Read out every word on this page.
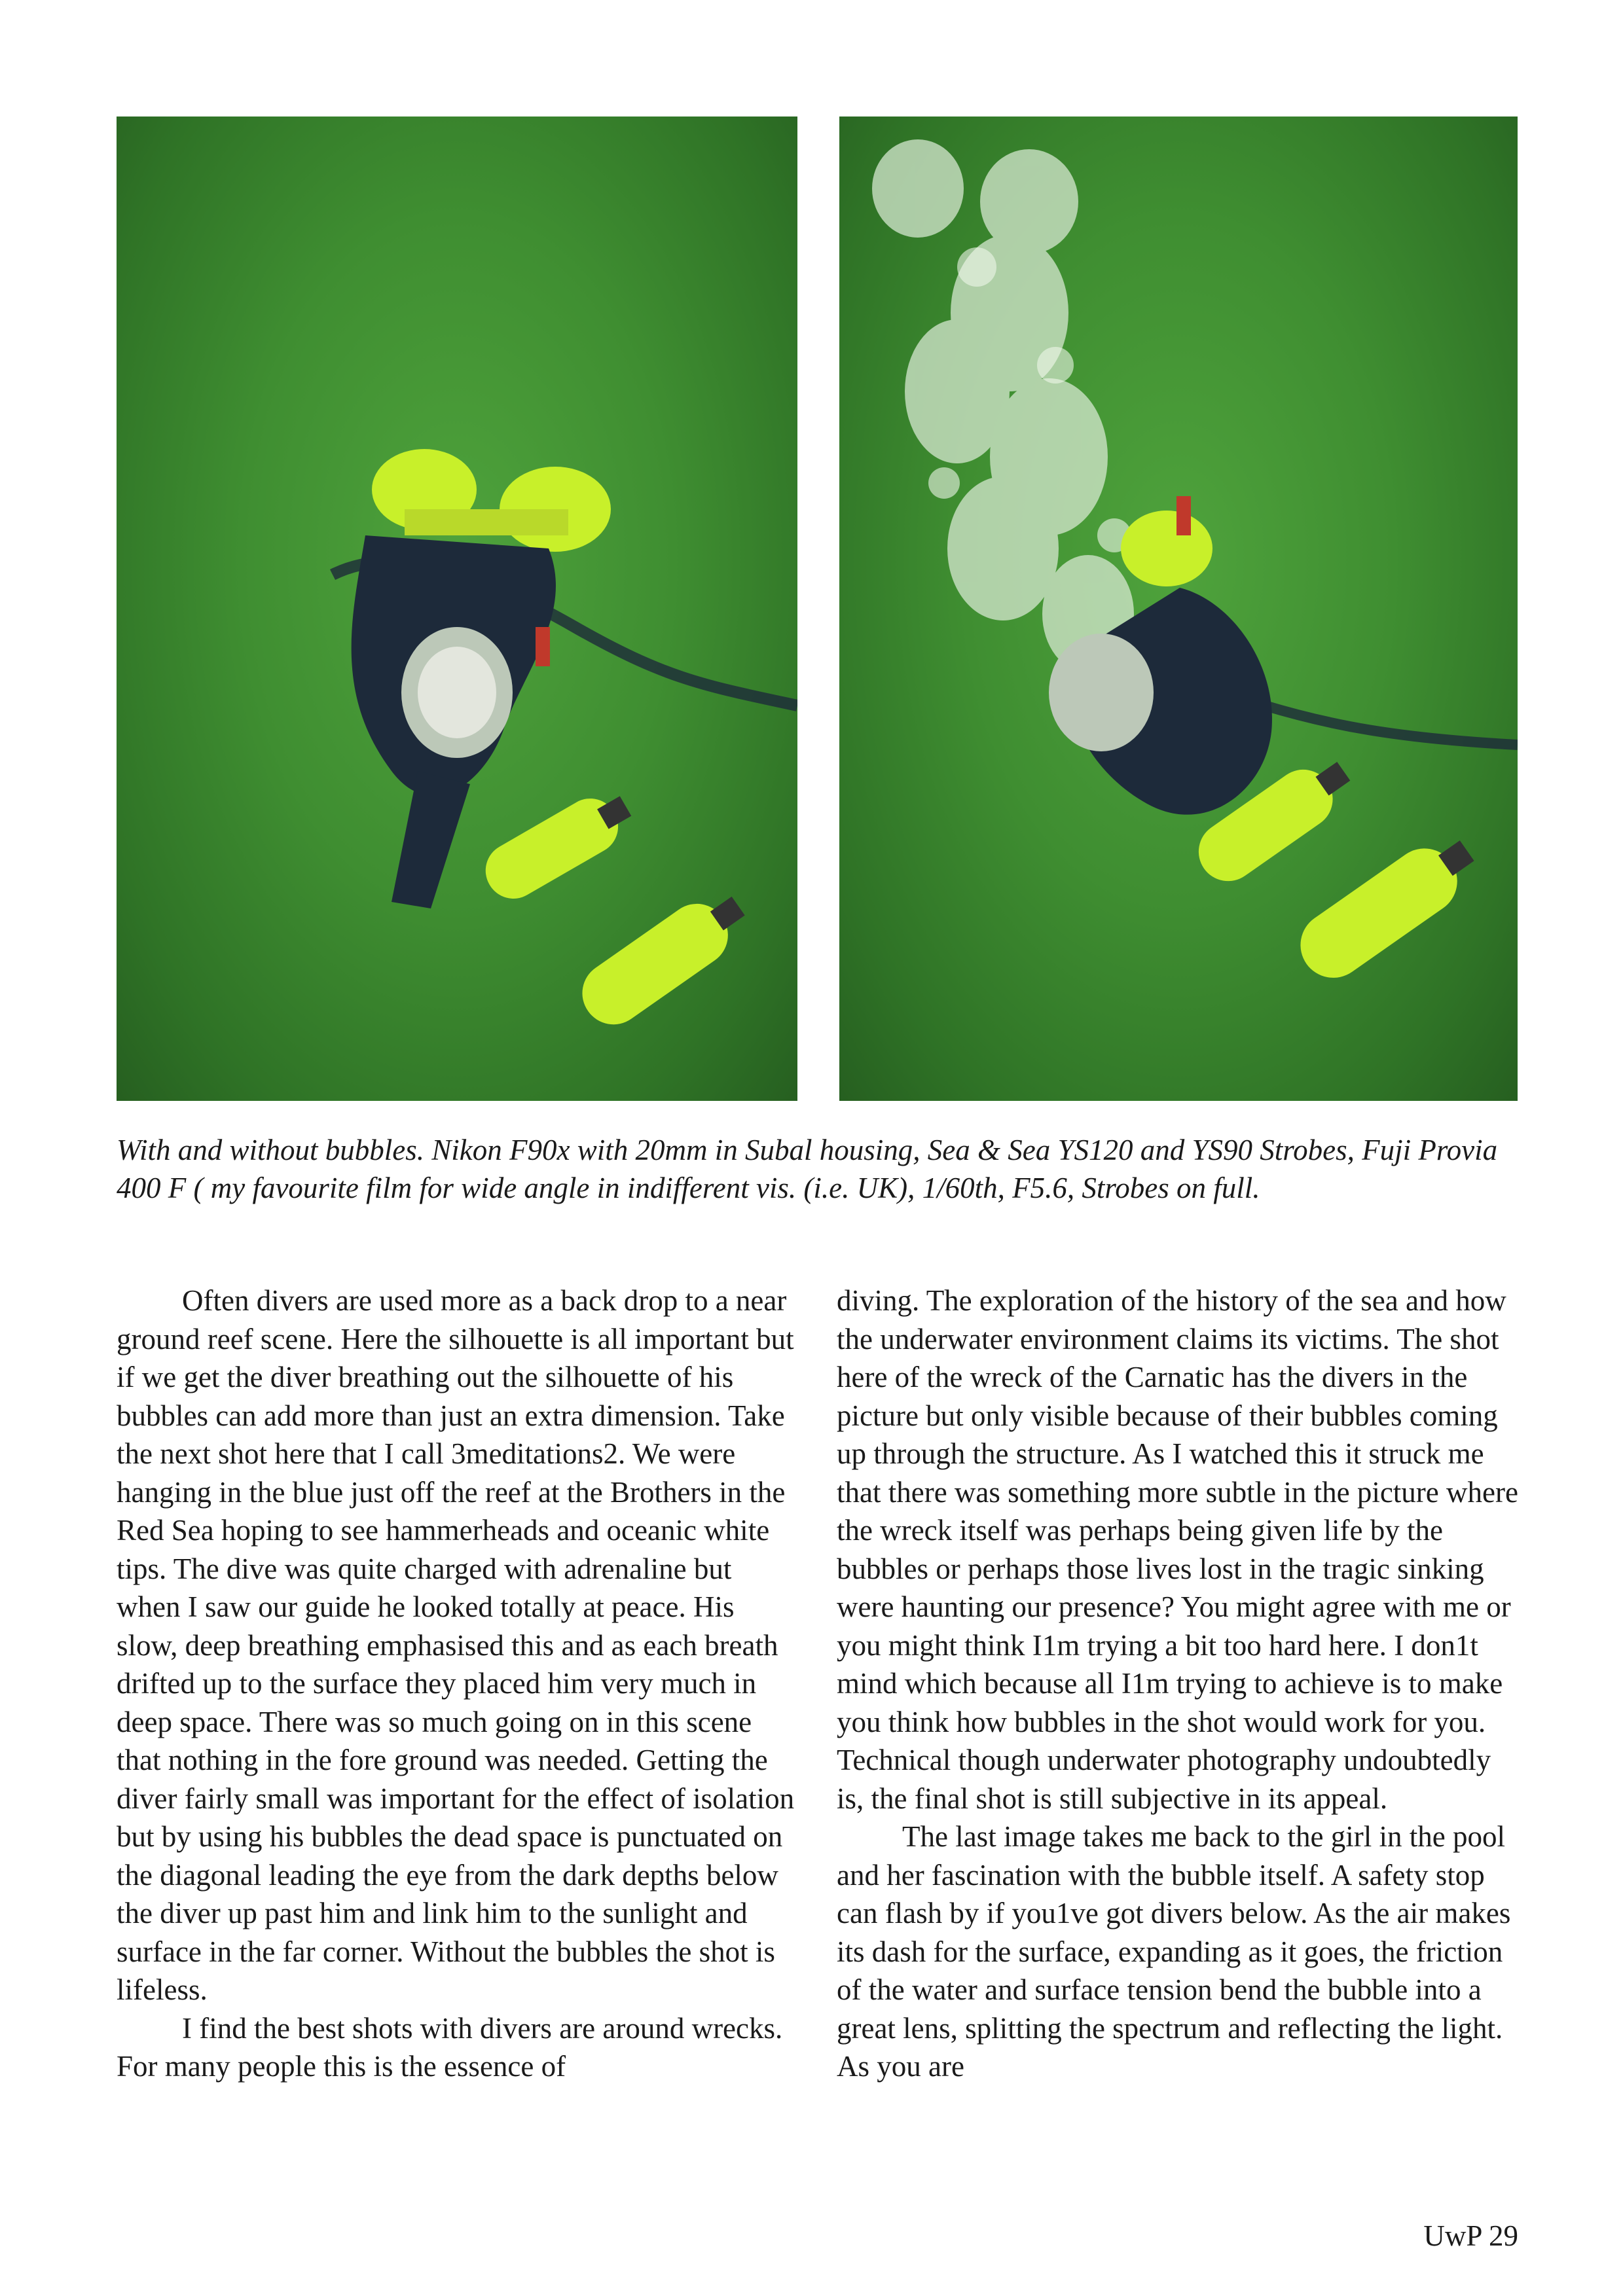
With and without bubbles. Nikon F90x with 20mm in Subal housing, Sea & Sea YS120 and YS90 Strobes, Fuji Provia 400 F ( my favourite film for wide angle in indifferent vis. (i.e. UK), 1/60th, F5.6, Strobes on full.

Often divers are used more as a back drop to a near ground reef scene. Here the silhouette is all important but if we get the diver breathing out the silhouette of his bubbles can add more than just an extra dimension. Take the next shot here that I call 3meditations2. We were hanging in the blue just off the reef at the Brothers in the Red Sea hoping to see hammerheads and oceanic white tips. The dive was quite charged with adrenaline but when I saw our guide he looked totally at peace. His slow, deep breathing emphasised this and as each breath drifted up to the surface they placed him very much in deep space. There was so much going on in this scene that nothing in the fore ground was needed. Getting the diver fairly small was important for the effect of isolation but by using his bubbles the dead space is punctuated on the diagonal leading the eye from the dark depths below the diver up past him and link him to the sunlight and surface in the far corner. Without the bubbles the shot is lifeless.

I find the best shots with divers are around wrecks. For many people this is the essence of

diving. The exploration of the history of the sea and how the underwater environment claims its victims. The shot here of the wreck of the Carnatic has the divers in the picture but only visible because of their bubbles coming up through the structure. As I watched this it struck me that there was something more subtle in the picture where the wreck itself was perhaps being given life by the bubbles or perhaps those lives lost in the tragic sinking were haunting our presence? You might agree with me or you might think I1m trying a bit too hard here. I don1t mind which because all I1m trying to achieve is to make you think how bubbles in the shot would work for you. Technical though underwater photography undoubtedly is, the final shot is still subjective in its appeal.

The last image takes me back to the girl in the pool and her fascination with the bubble itself. A safety stop can flash by if you1ve got divers below. As the air makes its dash for the surface, expanding as it goes, the friction of the water and surface tension bend the bubble into a great lens, splitting the spectrum and reflecting the light. As you are

UwP 29
